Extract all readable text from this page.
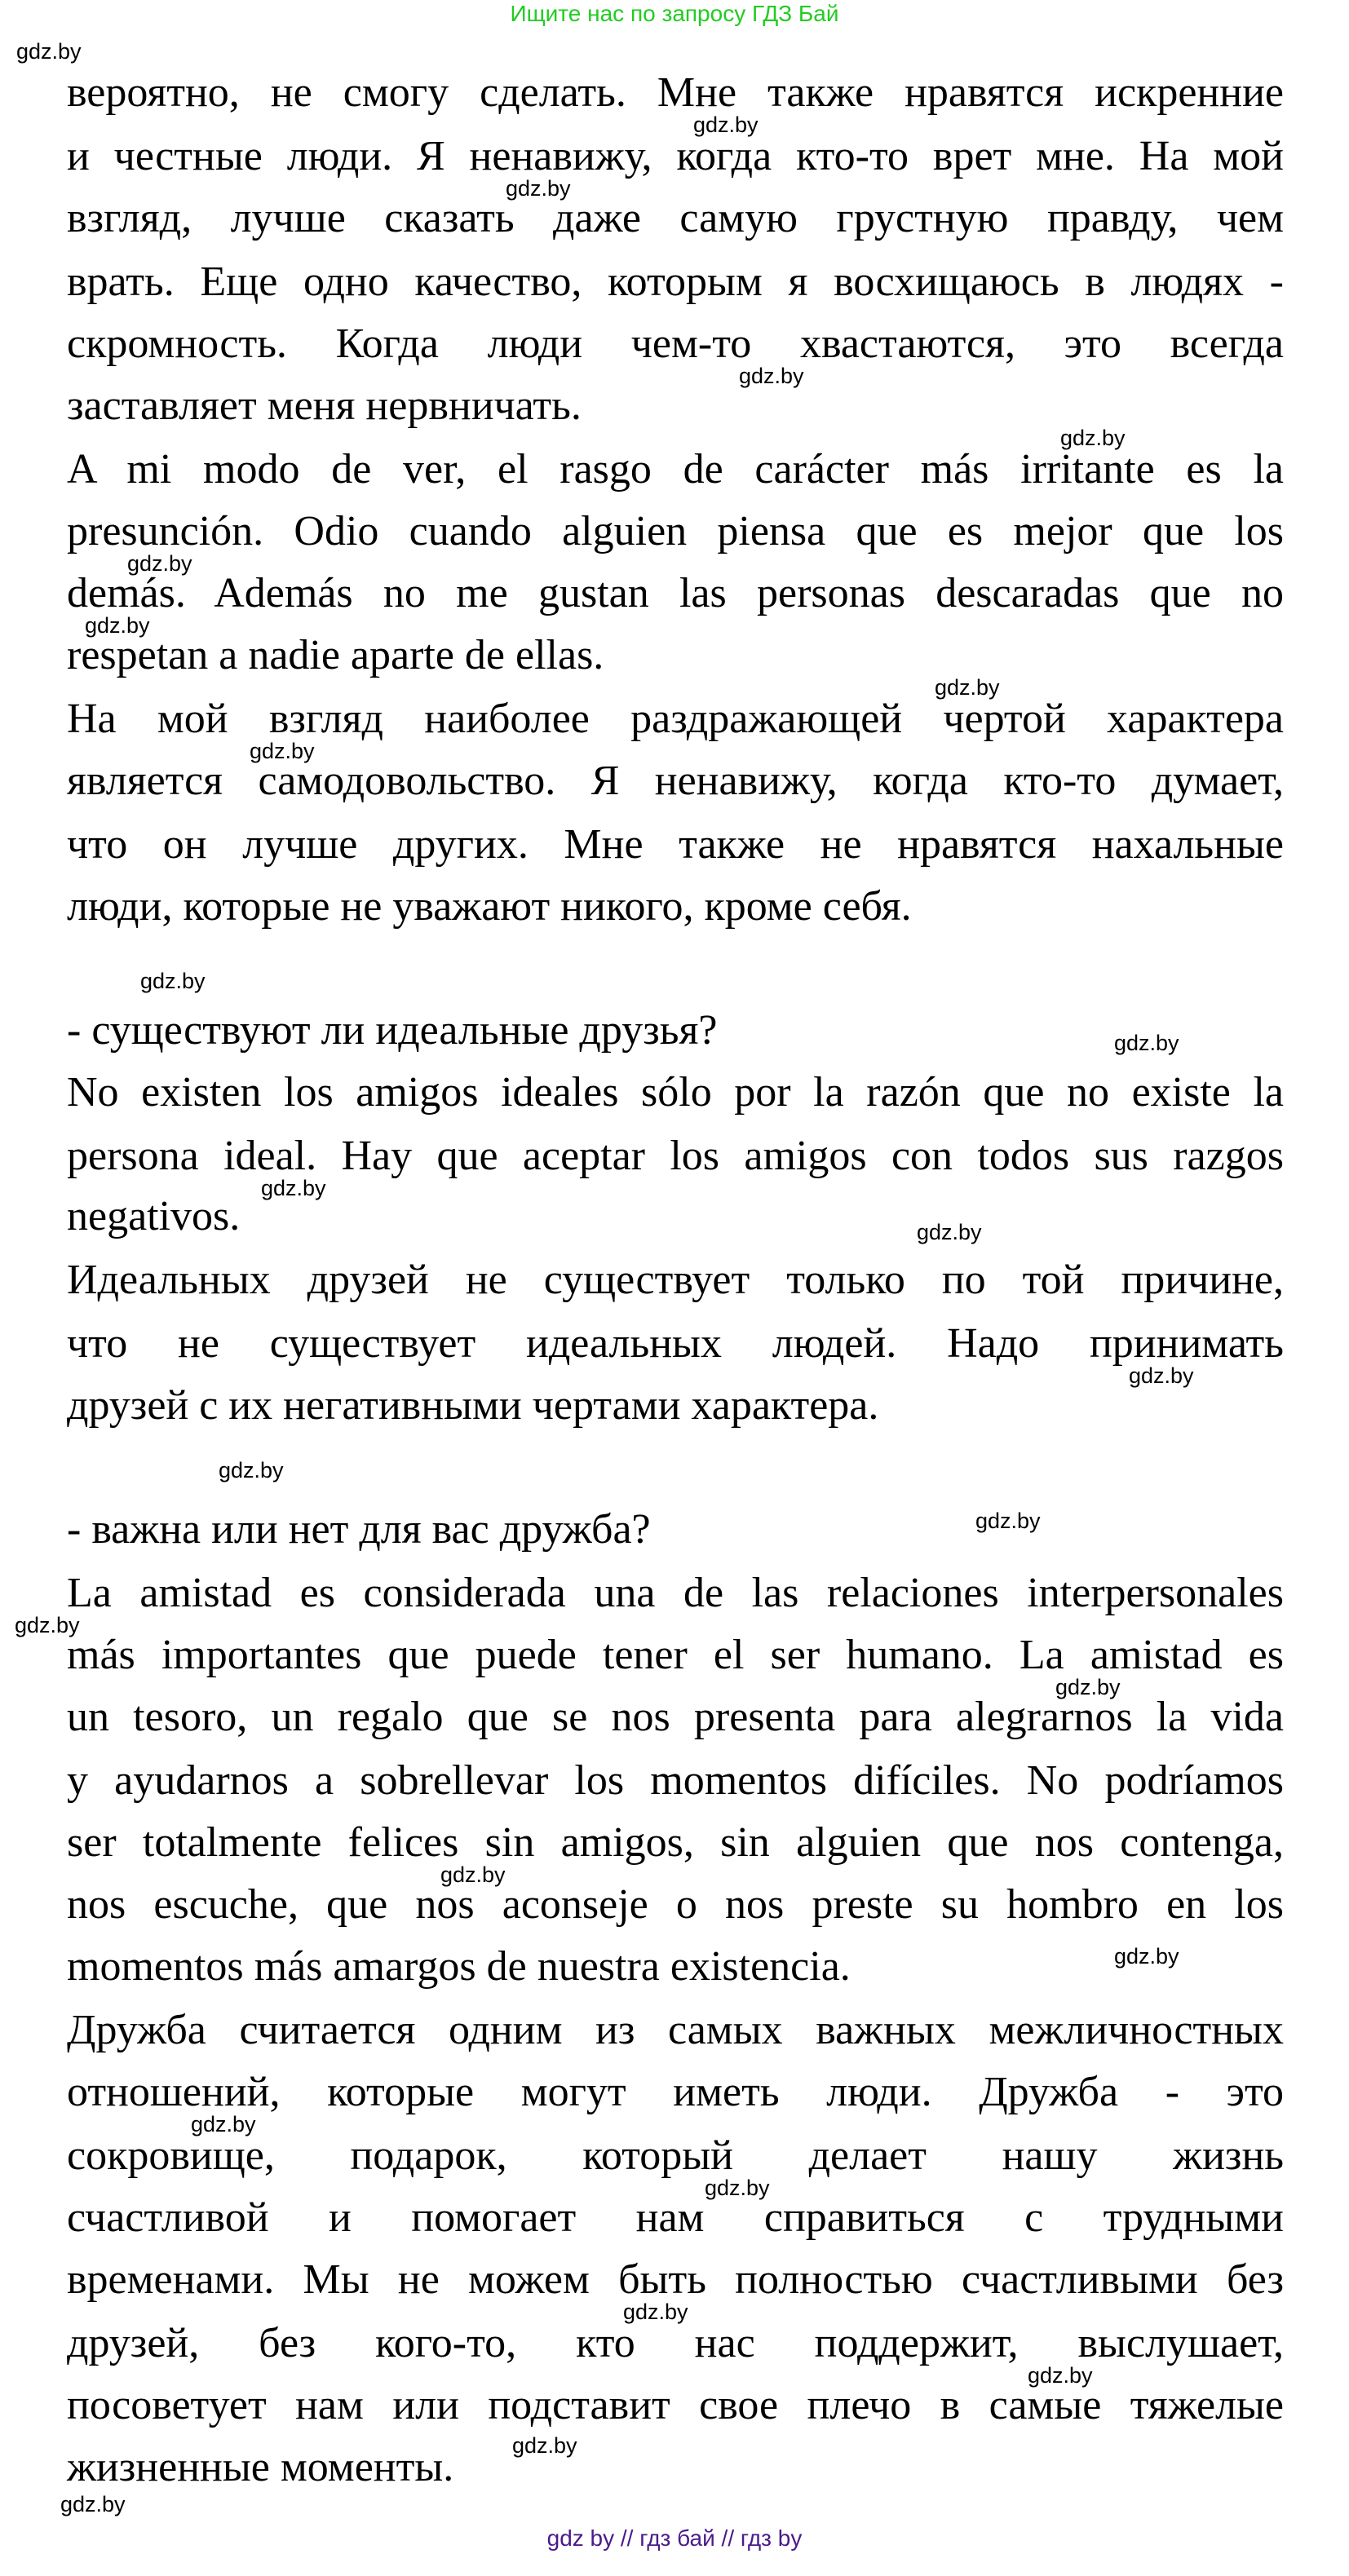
Ищите нас по запросу ГДЗ Бай
вероятно, не смогу сделать. Мне также нравятся искренние
и честные люди. Я ненавижу, когда кто-то врет мне. На мой
взгляд, лучше сказать даже самую грустную правду, чем
врать. Еще одно качество, которым я восхищаюсь в людях -
скромность. Когда люди чем-то хвастаются, это всегда
заставляет меня нервничать.
A mi modo de ver, el rasgo de carácter más irritante es la
presunción. Odio cuando alguien piensa que es mejor que los
demás. Además no me gustan las personas descaradas que no
respetan a nadie aparte de ellas.
На мой взгляд наиболее раздражающей чертой характера
является самодовольство. Я ненавижу, когда кто-то думает,
что он лучше других. Мне также не нравятся нахальные
люди, которые не уважают никого, кроме себя.
- существуют ли идеальные друзья?
No existen los amigos ideales sólo por la razón que no existe la
persona ideal. Hay que aceptar los amigos con todos sus razgos
negativos.
Идеальных друзей не существует только по той причине,
что не существует идеальных людей. Надо принимать
друзей с их негативными чертами характера.
- важна или нет для вас дружба?
La amistad es considerada una de las relaciones interpersonales
más importantes que puede tener el ser humano. La amistad es
un tesoro, un regalo que se nos presenta para alegrarnos la vida
y ayudarnos a sobrellevar los momentos difíciles. No podríamos
ser totalmente felices sin amigos, sin alguien que nos contenga,
nos escuche, que nos aconseje o nos preste su hombro en los
momentos más amargos de nuestra existencia.
Дружба считается одним из самых важных межличностных
отношений, которые могут иметь люди. Дружба - это
сокровище, подарок, который делает нашу жизнь
счастливой и помогает нам справиться с трудными
временами. Мы не можем быть полностью счастливыми без
друзей, без кого-то, кто нас поддержит, выслушает,
посоветует нам или подставит свое плечо в самые тяжелые
жизненные моменты.
gdz.by
gdz.by
gdz.by
gdz.by
gdz.by
gdz.by
gdz.by
gdz.by
gdz.by
gdz.by
gdz.by
gdz.by
gdz.by
gdz.by
gdz.by
gdz.by
gdz.by
gdz.by
gdz.by
gdz.by
gdz.by
gdz.by
gdz.by
gdz.by
gdz.by
gdz.by
gdz by // гдз бай // гдз by
